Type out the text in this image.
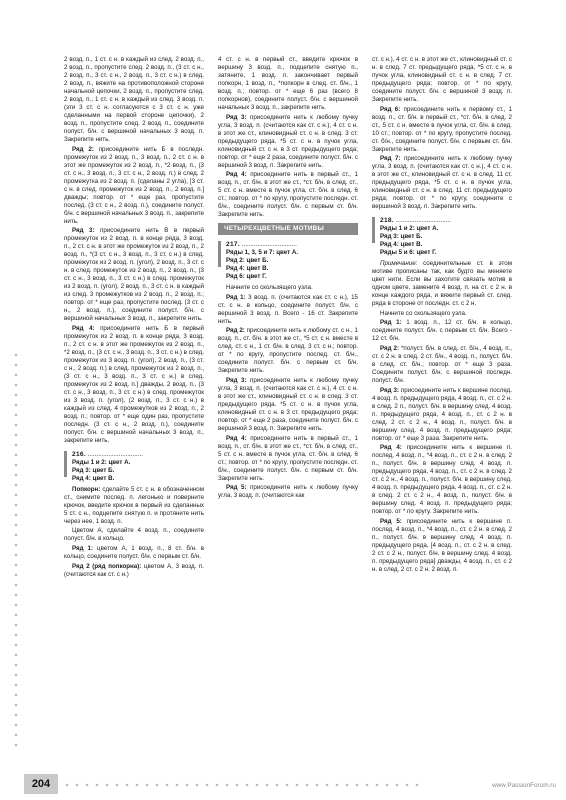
2 возд. п., 1 ст. с н. в каждый из след. 2 возд. п., 2 возд. п., пропустите след. 2 возд. п., (3 ст. с н., 2 возд. п., 3 ст. с н., 2 возд. п., 3 ст. с н.) в след. 2 возд. п., вяжите на противоположной стороне начальной цепочки, 2 возд. п., пропустите след. 2 возд. п., 1 ст. с н. в каждый из след. 3 возд. п. (эти 3 ст. с н. согласуются с 3 ст. с н. уже сделанными на первой стороне цепочки), 2 возд. п., пропустите след. 2 возд. п., соедините полуст. б/н. с вершиной начальных 3 возд. п. Закрепите нить.

Ряд 2: присоедините нить Б в последн. промежуток из 2 возд. п., 3 возд. п., 2 ст. с н. в этот же промежуток из 2 возд. п., *2 возд. п., (3 ст. с н., 3 возд. п., 3 ст. с н., 2 возд. п.) в след. 2 промежутка из 2 возд. п. (сделаны 2 угла), [3 ст. с н. в след. промежуток из 2 возд. п., 2 возд. п.] дважды; повтор. от * еще раз, пропустите послед. (3 ст. с н., 2 возд. п.), соедините полуст. б/н. с вершиной начальных 3 возд. п., закрепите нить.

Ряд 3: присоедините нить В в первый промежуток из 2 возд. п. в конце ряда, 3 возд. п., 2 ст. с н. в этот же промежуток из 2 возд. п., 2 возд. п., *(3 ст. с н., 3 возд. п., 3 ст. с н.) в след. промежуток из 2 возд. п. (угол), 2 возд. п., 3 ст. с н. в след. промежуток из 2 возд. п., 2 возд. п., (3 ст. с н., 3 возд. п., 3 ст. с н.) в след. промежуток из 2 возд. п. (угол), 2 возд. п., 3 ст. с н. в каждый из след. 3 промежутков из 2 возд. п., 2 возд. п.; повтор. от * еще раз, пропустите послед. (3 ст. с н., 2 возд. п.), соедините полуст. б/н. с вершиной начальных 3 возд. п., закрепите нить.

Ряд 4: присоедините нить Б в первый промежуток из 2 возд. п. в конце ряда, 3 возд. п., 2 ст. с н. в этот же промежуток из 2 возд. п., *2 возд. п., (3 ст. с н., 3 возд. п., 3 ст. с н.) в след. промежуток из 3 возд. п. (угол), 2 возд. п., (3 ст. с н., 2 возд. п.) в след. промежуток из 2 возд. п., (3 ст. с н., 3 возд. п., 3 ст. с н.) в след. промежуток из 2 возд. п.] дважды, 2 возд. п., (3 ст. с н., 3 возд. п., 3 ст. с н.) в след. промежуток из 3 возд. п. (угол), (2 возд. п., 3 ст. с н.) в каждый из след. 4 промежутков из 2 возд. п., 2 возд. п.; повтор. от * еще один раз, пропустите последн. (3 ст. с н., 2 возд. п.), соедините полуст. б/н. с вершиной начальных 3 возд. п., закрепите нить.

216. ................................
Ряды 1 и 2: цвет А.
Ряд 3: цвет Б.
Ряд 4: цвет В.

Попкорн: сделайте 5 ст. с н. в обозначенном ст., снимите послед. п. легонько и поверните крючок, введите крючок в первый из сделанных 5 ст. с н., подцепите снятую п. и протяните нить через нее, 1 возд. п.

Цветом А, сделайте 4 возд. п., соедините полуст. б/н. в кольцо.

Ряд 1: цветом А, 1 возд. п., 8 ст. б/н. в кольцо, соедините полуст. б/н. с первым ст. б/н.

Ряд 2 (ряд попкорна): цветом А, 3 возд. п. (считаются как ст. с н.)

4 ст. с н. в первый ст., введите крючок в вершину 3 возд. п., подцепите снятую п., затяните, 1 возд. п. закончивает первый попкорн, 1 возд. п., *попкорн в след. ст. б/н., 1 возд. п.; повтор. от * еще 6 раз (всего 8 попкорнов), соедините полуст. б/н. с вершиной начальных 3 возд. п., закрепите нить.

Ряд 3: присоедините нить к любому пучку угла, 3 возд. п. (считаются как ст. с н.), 4 ст. с н. в этот же ст., клиновидный ст. с н. в след. 3 ст. предыдущего ряда. *5 ст. с н. в пучок угла, клиновидный ст. с н. в 3 ст. предыдущего ряда; повтор. от * еще 2 раза, соедините полуст. б/н. с вершиной 3 возд. п. Закрепите нить.

Ряд 4: присоедините нить в первый ст., 1 возд. п., ст. б/н. в этот же ст., *ст. б/н. в след. ст., 5 ст. с н. вместе в пучок угла, ст. б/н. в след. 6 ст.; повтор. от * по кругу, пропустите последн. ст. б/н., соедините полуст. б/н. с первым ст. б/н. Закрепите нить.

ЧЕТЫРЕХЦВЕТНЫЕ МОТИВЫ
217. ................................
Ряды 1, 3, 5 и 7: цвет А.
Ряд 2: цвет Б.
Ряд 4: цвет В.
Ряд 6: цвет Г.

Начните со скользящего узла.

Ряд 1: 3 возд. п. (считаются как ст. с н.), 15 ст. с н. в кольцо, соедините полуст. б/н. с вершиной 3 возд. п. Всего - 16 ст. Закрепите нить.

Ряд 2: присоедините нить к любому ст. с н., 1 возд. п., ст. б/н. в этот же ст., *5 ст. с н. вместе в след. ст. с н., 1 ст. б/н. в след. 3 ст. с н.; повтор. от * по кругу, пропустите послед. ст. б/н., соедините полуст. б/н. с первым ст. б/н. Закрепите нить.

Ряд 3: присоедините нить к любому пучку угла, 3 возд. п. (считаются как ст. с н.), 4 ст. с н. в этот же ст., клиновидный ст. с н. в след. 3 ст. предыдущего ряда. *5 ст. с н. в пучок угла, клиновидный ст. с н. в 3 ст. предыдущего ряда; повтор. от * еще 2 раза, соедините полуст. б/н. с вершиной 3 возд. п. Закрепите нить.

Ряд 4: присоедините нить в первый ст., 1 возд. п., ст. б/н. в этот же ст., *ст. б/н. в след. ст., 5 ст. с н. вместе в пучок угла, ст. б/н. в след. 6 ст.; повтор. от * по кругу, пропустите последн. ст. б/н., соедините полуст. б/н. с первым ст. б/н. Закрепите нить.

Ряд 5: присоедините нить к любому пучку угла, 3 возд. п. (считаются как

ст. с н.), 4 ст. с н. в этот же ст., клиновидный ст. с н. в след. 7 ст. предыдущего ряда, *5 ст. с н. в пучок угла, клиновидный ст. с н. в след. 7 ст. предыдущего ряда; повтор. от * по кругу, соедините полуст. б/н. с вершиной 3 возд. п. Закрепите нить.

Ряд 6: присоедините нить к первому ст., 1 возд. п., ст. б/н. в первый ст., *ст. б/н. в след. 2 ст., 5 ст. с н. вместе в пучок угла, ст. б/н. в след. 10 ст.; повтор. от * по кругу, пропустите послед. ст. б/н., соедините полуст. б/н. с первым ст. б/н. Закрепите нить.

Ряд 7: присоедините нить к любому пучку угла, 3 возд. п. (считаются как ст. с н.), 4 ст. с н. в этот же ст., клиновидный ст. с н. в след. 11 ст. предыдущего ряда, *5 ст. с н. в пучок угла, клиновидный ст. с н. в след. 11 ст. предыдущего ряда; повтор. от * по кругу, соедините с вершиной 3 возд. п. Закрепите нить.

218. ................................
Ряды 1 и 2: цвет А.
Ряд 3: цвет Б.
Ряд 4: цвет В.
Ряды 5 и 6: цвет Г.

Примечание: соединительные ст. в этом мотиве прописаны так, как будто вы меняете цвет нити. Если вы захотите связать мотив в одном цвете, замените 4 возд. п. на ст. с 2 н. в конце каждого ряда, и вяжите первый ст. след. ряда в стороне от последн. ст. с 2 н.

Начните со скользящего узла.

Ряд 1: 1 возд. п., 12 ст. б/н. в кольцо, соедините полуст. б/н. с первым ст. б/н. Всего - 12 ст. б/н.

Ряд 2: *полуст. б/н. в след. ст. б/н., 4 возд. п., ст. с 2 н. в след. 2 ст. б/н., 4 возд. п., полуст. б/н. в след. ст. б/н.; повтор. от * еще 3 раза. Соедините полуст. б/н. с вершиной последн. полуст. б/н.

Ряд 3: присоедините нить к вершине послед. 4 возд. п. предыдущего ряда, 4 возд. п., ст. с 2 н. в след. 2 п., полуст. б/н. в вершину след. 4 возд. п. предыдущего ряда, 4 возд. п., ст. с 2 н. в след. 2 ст. с 2 н., 4 возд. п., полуст. б/н. в вершину след. 4 возд. п. предыдущего ряда; повтор. от * еще 3 раза. Закрепите нить.

Ряд 4: присоедините нить к вершине п. послед. 4 возд. п., *4 возд. п., ст. с 2 н. в след. 2 п., полуст. б/н. в вершину след. 4 возд. п. предыдущего ряда, 4 возд. п., ст. с 2 н. в след. 2 ст. с 2 н., 4 возд. п., полуст. б/н. в вершину след. 4 возд. п. предыдущего ряда, 4 возд. п., ст. с 2 н. в след. 2 ст. с 2 н., 4 возд. п., полуст. б/н. в вершину след. 4 возд. п. предыдущего ряда; повтор. от * по кругу. Закрепите нить.

Ряд 5: присоедините нить к вершине п. послед. 4 возд. п., *4 возд. п., ст. с 2 н. в след. 2 п., полуст. б/н. в вершину след. 4 возд. п. предыдущего ряда, [4 возд. п., ст. с 2 н. в след. 2 ст. с 2 н., полуст. б/н. в вершину след. 4 возд. п. предыдущего ряда] дважды, 4 возд. п., ст. с 2 н. в след. 2 ст. с 2 н. 2 возд. п.

204	www.PassionForum.ru
